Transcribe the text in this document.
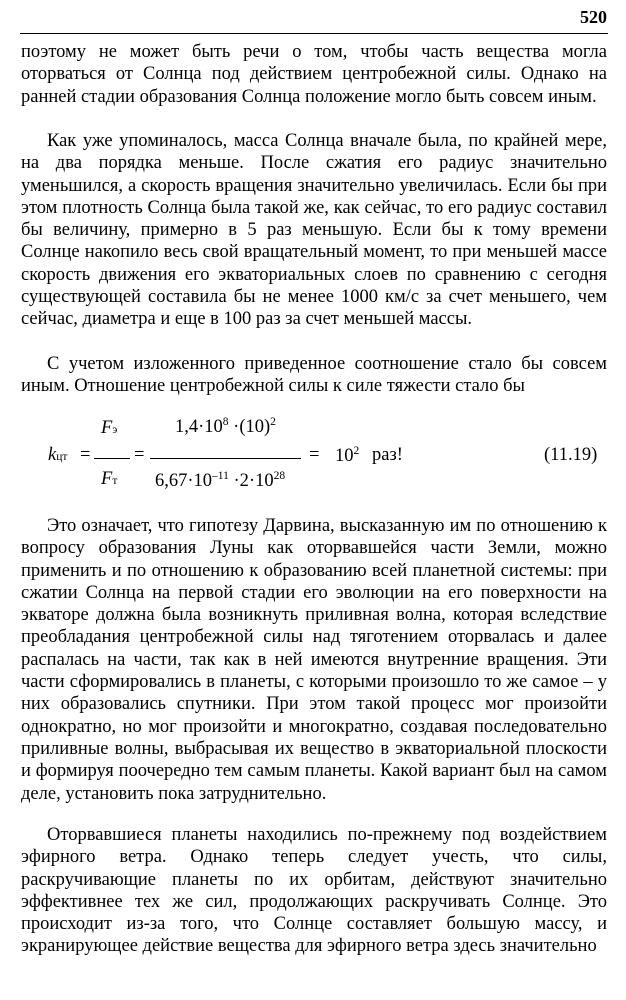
520

поэтому не может быть речи о том, чтобы часть вещества могла оторваться от Солнца под действием центробежной силы. Однако на ранней стадии образования Солнца положение могло быть совсем иным.

Как уже упоминалось, масса Солнца вначале была, по крайней мере, на два порядка меньше. После сжатия его радиус значительно уменьшился, а скорость вращения значительно увеличилась. Если бы при этом плотность Солнца была такой же, как сейчас, то его радиус составил бы величину, примерно в 5 раз меньшую. Если бы к тому времени Солнце накопило весь свой вращательный момент, то при меньшей массе скорость движения его экваториальных слоев по сравнению с сегодня существующей составила бы не менее 1000 км/с за счет меньшего, чем сейчас, диаметра и еще в 100 раз за счет меньшей массы.

С учетом изложенного приведенное соотношение стало бы совсем иным. Отношение центробежной силы к силе тяжести стало бы

kцт =
Fэ
Fт
=
$1,4\cdot 10^8 \cdot(10)^2$
$6,67\cdot 10^{-11} \cdot 2\cdot 10^{28}$
= $10^2$ раз!	(11.19)

Это означает, что гипотезу Дарвина, высказанную им по отношению к вопросу образования Луны как оторвавшейся части Земли, можно применить и по отношению к образованию всей планетной системы: при сжатии Солнца на первой стадии его эволюции на его поверхности на экваторе должна была возникнуть приливная волна, которая вследствие преобладания центробежной силы над тяготением оторвалась и далее распалась на части, так как в ней имеются внутренние вращения. Эти части сформировались в планеты, с которыми произошло то же самое – у них образовались спутники. При этом такой процесс мог произойти однократно, но мог произойти и многократно, создавая последовательно приливные волны, выбрасывая их вещество в экваториальной плоскости и формируя поочередно тем самым планеты. Какой вариант был на самом деле, установить пока затруднительно.

Оторвавшиеся планеты находились по-прежнему под воздействием эфирного ветра. Однако теперь следует учесть, что силы, раскручивающие планеты по их орбитам, действуют значительно эффективнее тех же сил, продолжающих раскручивать Солнце. Это происходит из-за того, что Солнце составляет большую массу, и экранирующее действие вещества для эфирного ветра здесь значительно
